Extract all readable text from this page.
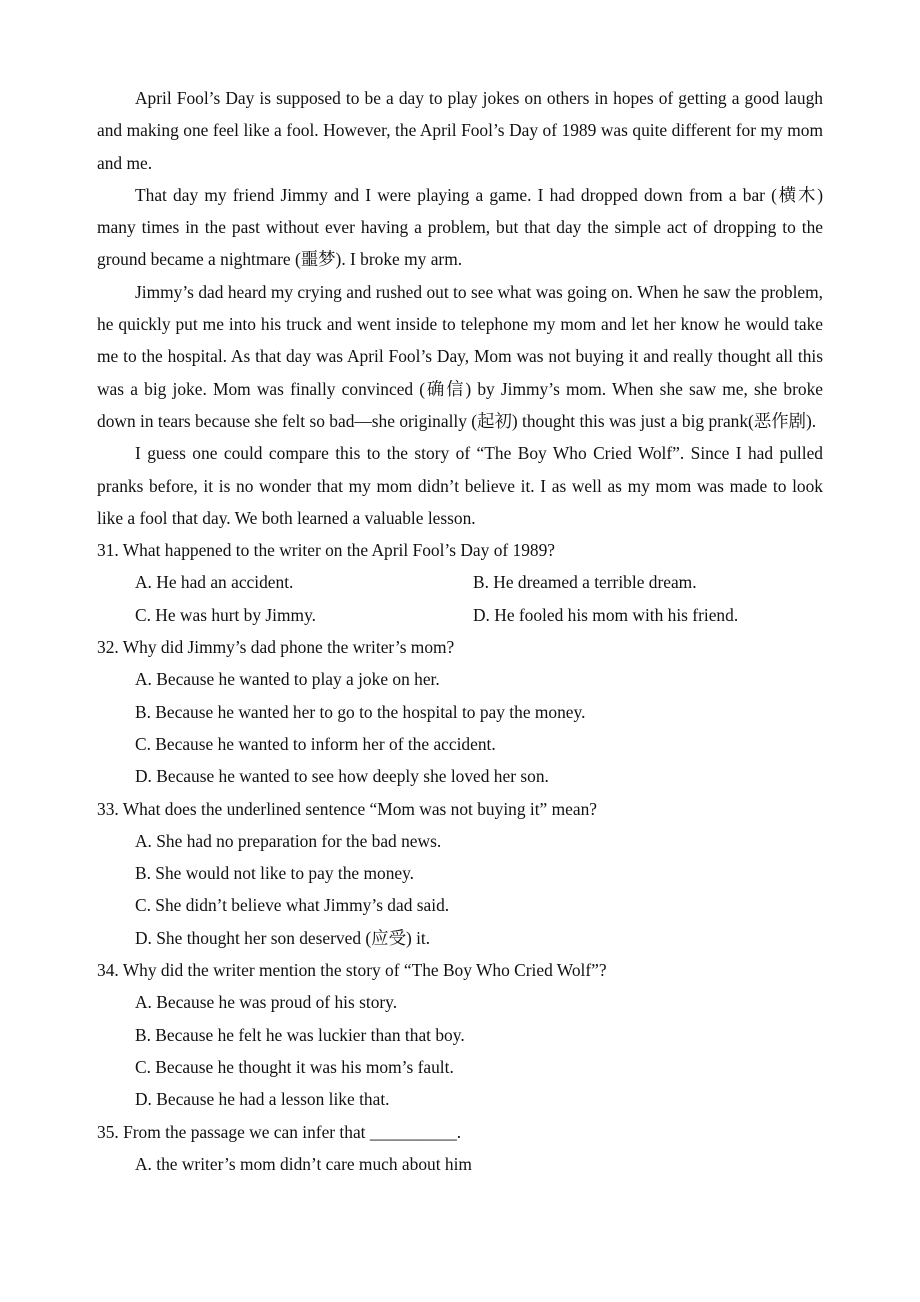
April Fool’s Day is supposed to be a day to play jokes on others in hopes of getting a good laugh and making one feel like a fool. However, the April Fool’s Day of 1989 was quite different for my mom and me.

That day my friend Jimmy and I were playing a game. I had dropped down from a bar (横木) many times in the past without ever having a problem, but that day the simple act of dropping to the ground became a nightmare (噩梦). I broke my arm.

Jimmy’s dad heard my crying and rushed out to see what was going on. When he saw the problem, he quickly put me into his truck and went inside to telephone my mom and let her know he would take me to the hospital. As that day was April Fool’s Day, Mom was not buying it and really thought all this was a big joke. Mom was finally convinced (确信) by Jimmy’s mom. When she saw me, she broke down in tears because she felt so bad—she originally (起初) thought this was just a big prank(恶作剧).

I guess one could compare this to the story of “The Boy Who Cried Wolf”. Since I had pulled pranks before, it is no wonder that my mom didn’t believe it. I as well as my mom was made to look like a fool that day. We both learned a valuable lesson.

31. What happened to the writer on the April Fool’s Day of 1989?

A. He had an accident.	B. He dreamed a terrible dream.

C. He was hurt by Jimmy.	D. He fooled his mom with his friend.

32. Why did Jimmy’s dad phone the writer’s mom?

A. Because he wanted to play a joke on her.

B. Because he wanted her to go to the hospital to pay the money.

C. Because he wanted to inform her of the accident.

D. Because he wanted to see how deeply she loved her son.

33. What does the underlined sentence “Mom was not buying it” mean?

A. She had no preparation for the bad news.

B. She would not like to pay the money.

C. She didn’t believe what Jimmy’s dad said.

D. She thought her son deserved (应受) it.

34. Why did the writer mention the story of “The Boy Who Cried Wolf”?

A. Because he was proud of his story.

B. Because he felt he was luckier than that boy.

C. Because he thought it was his mom’s fault.

D. Because he had a lesson like that.

35. From the passage we can infer that __________.

A. the writer’s mom didn’t care much about him
